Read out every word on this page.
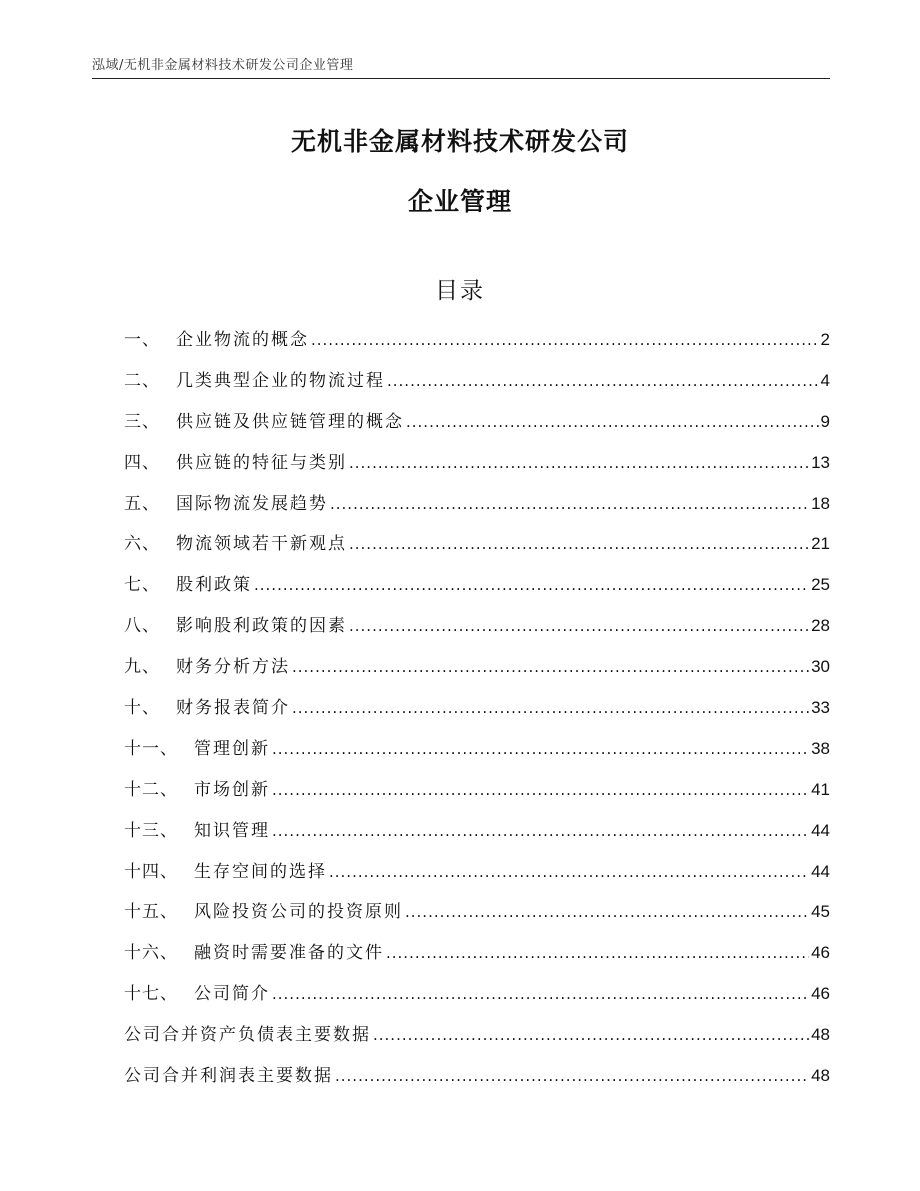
泓域/无机非金属材料技术研发公司企业管理
无机非金属材料技术研发公司
企业管理
目录
一、 企业物流的概念 .....	2
二、 几类典型企业的物流过程 .....	4
三、 供应链及供应链管理的概念 .....	9
四、 供应链的特征与类别 .....	13
五、 国际物流发展趋势 .....	18
六、 物流领域若干新观点 .....	21
七、 股利政策 .....	25
八、 影响股利政策的因素 .....	28
九、 财务分析方法 .....	30
十、 财务报表简介 .....	33
十一、 管理创新 .....	38
十二、 市场创新 .....	41
十三、 知识管理 .....	44
十四、 生存空间的选择 .....	44
十五、 风险投资公司的投资原则 .....	45
十六、 融资时需要准备的文件 .....	46
十七、 公司简介 .....	46
公司合并资产负债表主要数据 .....	48
公司合并利润表主要数据 .....	48
